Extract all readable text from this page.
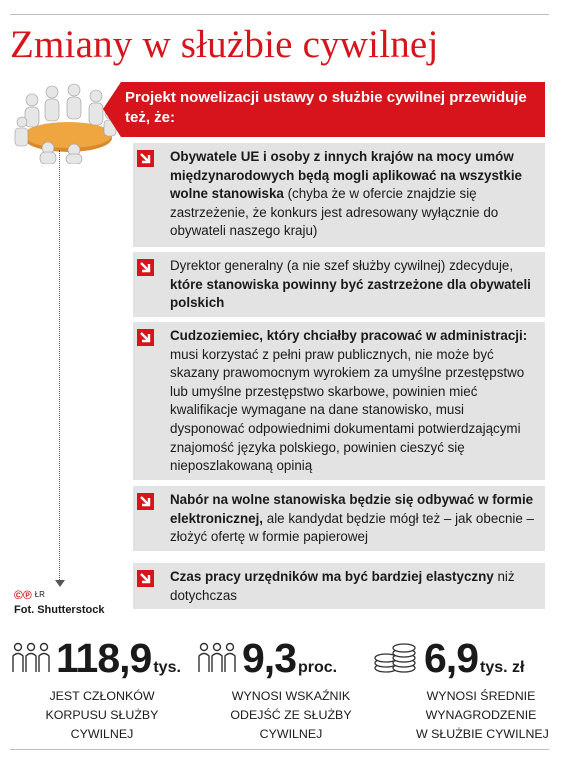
Zmiany w służbie cywilnej
©℗ $^{ŁR}$
Fot. Shutterstock
Projekt nowelizacji ustawy o służbie cywilnej przewiduje też, że:
Obywatele UE i osoby z innych krajów na mocy umów międzynarodowych będą mogli aplikować na wszystkie wolne stanowiska (chyba że w ofercie znajdzie się zastrzeżenie, że konkurs jest adresowany wyłącznie do obywateli naszego kraju)
Dyrektor generalny (a nie szef służby cywilnej) zdecyduje, które stanowiska powinny być zastrzeżone dla obywateli polskich
Cudzoziemiec, który chciałby pracować w administracji: musi korzystać z pełni praw publicznych, nie może być skazany prawomocnym wyrokiem za umyślne przestępstwo lub umyślne przestępstwo skarbowe, powinien mieć kwalifikacje wymagane na dane stanowisko, musi dysponować odpowiednimi dokumentami potwierdzającymi znajomość języka polskiego, powinien cieszyć się nieposzlakowaną opinią
Nabór na wolne stanowiska będzie się odbywać w formie elektronicznej, ale kandydat będzie mógł też – jak obecnie – złożyć ofertę w formie papierowej
Czas pracy urzędników ma być bardziej elastyczny niż dotychczas
118,9 tys.
JEST CZŁONKÓW
KORPUSU SŁUŻBY
CYWILNEJ
9,3 proc.
WYNOSI WSKAŹNIK
ODEJŚĆ ZE SŁUŻBY
CYWILNEJ
6,9 tys. zł
WYNOSI ŚREDNIE
WYNAGRODZENIE
W SŁUŻBIE CYWILNEJ
